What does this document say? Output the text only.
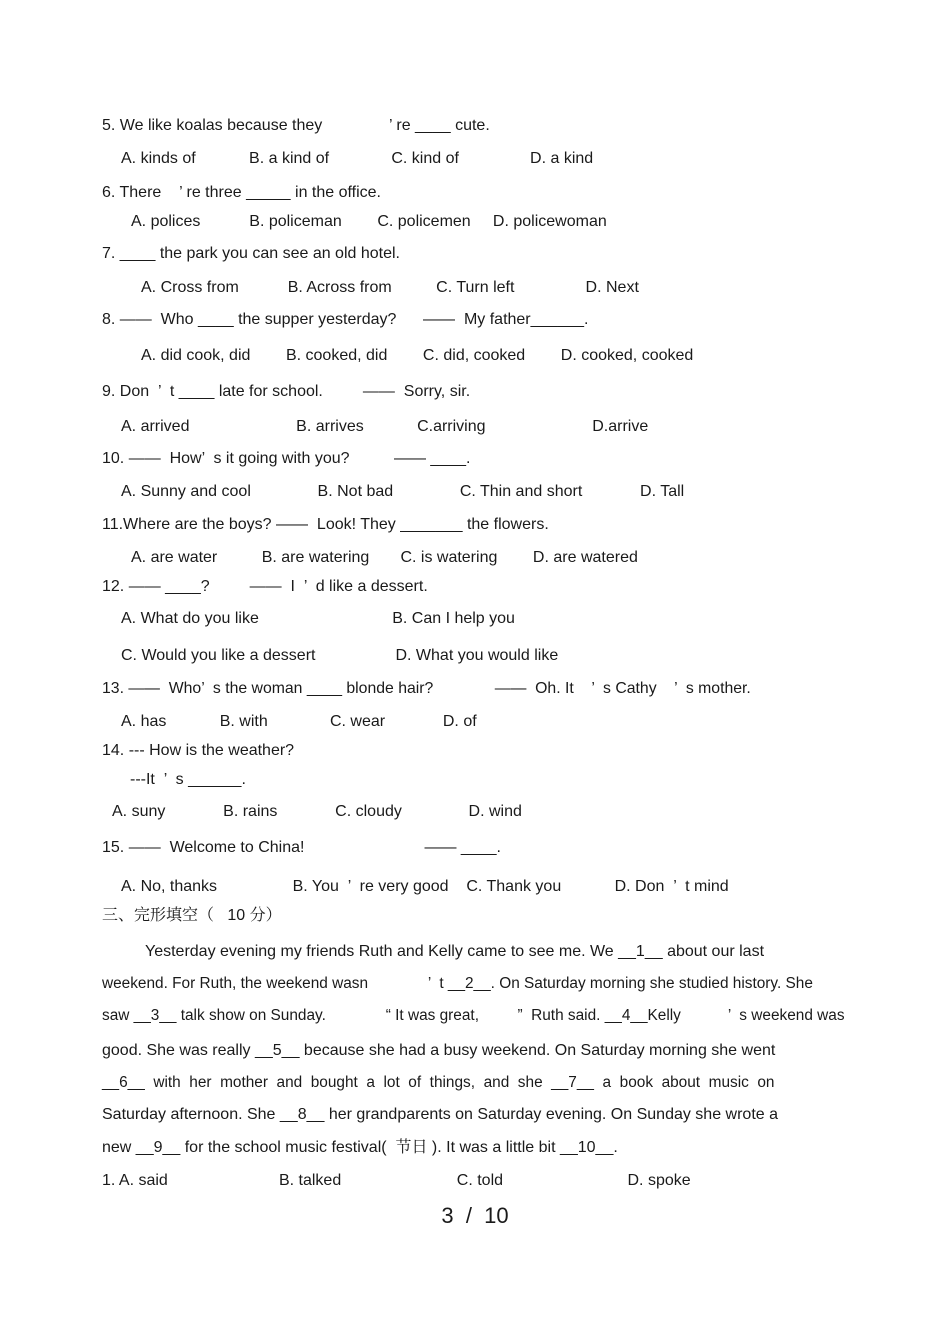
5. We like koalas because they               ’ re ____ cute.
A. kinds of            B. a kind of              C. kind of                D. a kind
6. There    ’ re three _____ in the office.
A. polices           B. policeman        C. policemen     D. policewoman
7. ____ the park you can see an old hotel.
A. Cross from           B. Across from          C. Turn left                D. Next
8. ——  Who ____ the supper yesterday?      ——  My father______.
A. did cook, did        B. cooked, did        C. did, cooked        D. cooked, cooked
9. Don  ’  t ____ late for school.         ——  Sorry, sir.
A. arrived                        B. arrives            C.arriving                        D.arrive
10. ——  How’  s it going with you?          —— ____.
A. Sunny and cool               B. Not bad               C. Thin and short             D. Tall
11.Where are the boys? ——  Look! They _______ the flowers.
A. are water          B. are watering       C. is watering        D. are watered
12. —— ____?         ——  I  ’  d like a dessert.
A. What do you like                              B. Can I help you
C. Would you like a dessert                  D. What you would like
13. ——  Who’  s the woman ____ blonde hair?              ——  Oh. It    ’  s Cathy    ’  s mother.
A. has            B. with              C. wear             D. of
14. --- How is the weather?
---It  ’  s ______.
A. suny             B. rains             C. cloudy               D. wind
15. ——  Welcome to China!                           —— ____.
A. No, thanks                 B. You  ’  re very good    C. Thank you            D. Don  ’  t mind
三、完形填空（   10 分）
Yesterday evening my friends Ruth and Kelly came to see me. We __1__ about our last
weekend. For Ruth, the weekend wasn              ’  t __2__. On Saturday morning she studied history. She
saw __3__ talk show on Sunday.              “ It was great,         ”  Ruth said. __4__Kelly           ’  s weekend was
good. She was really __5__ because she had a busy weekend. On Saturday morning she went
__6__  with  her  mother  and  bought  a  lot  of  things,  and  she  __7__  a  book  about  music  on
Saturday afternoon. She __8__ her grandparents on Saturday evening. On Sunday she wrote a
new __9__ for the school music festival(  节日 ). It was a little bit __10__.
1. A. said                         B. talked                          C. told                            D. spoke
3  /  10
